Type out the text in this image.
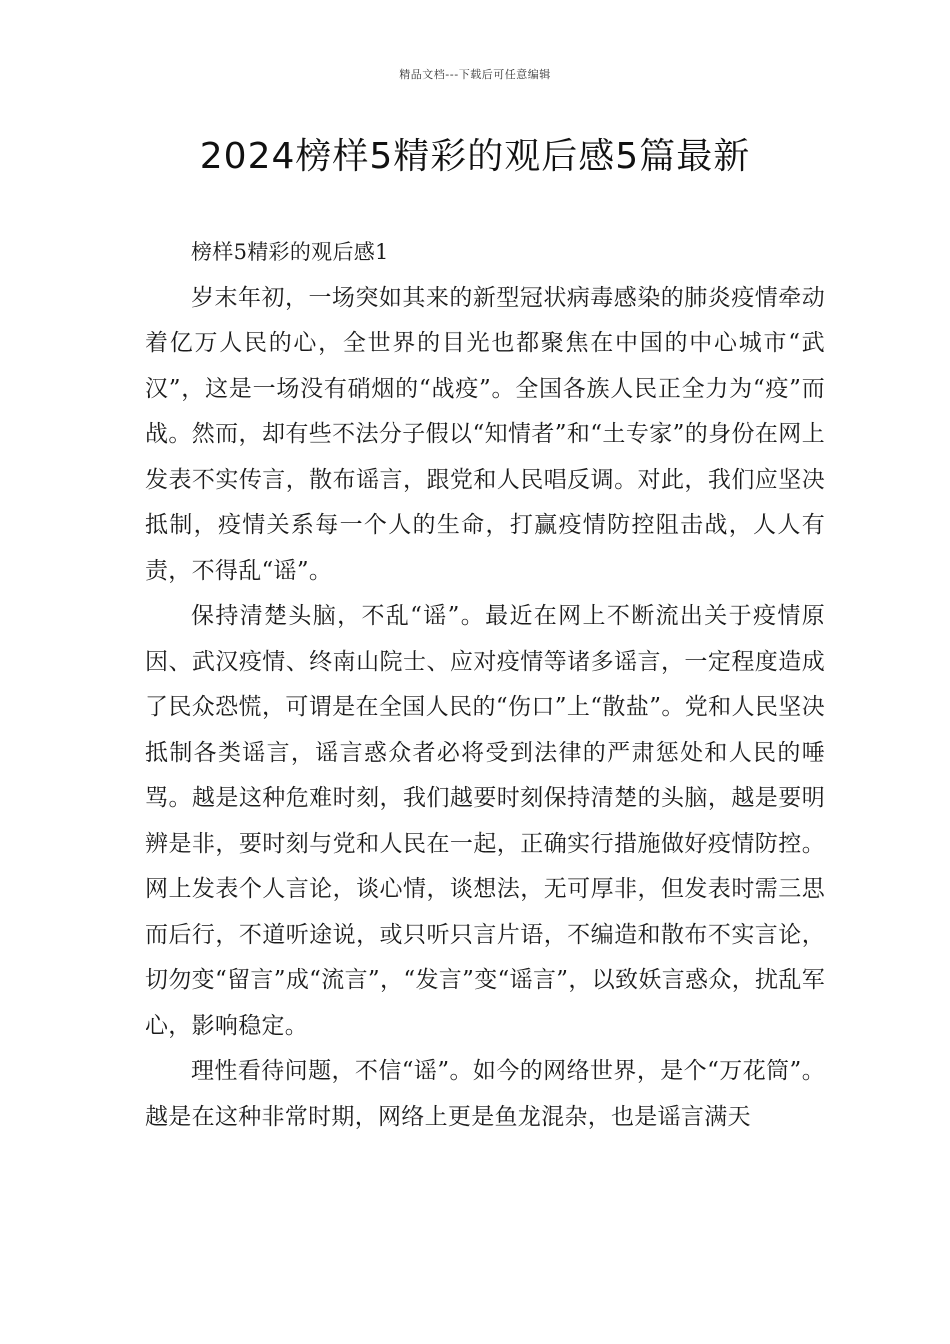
精品文档---下载后可任意编辑
2024榜样5精彩的观后感5篇最新

榜样5精彩的观后感1

岁末年初，一场突如其来的新型冠状病毒感染的肺炎疫情牵动着亿万人民的心，全世界的目光也都聚焦在中国的中心城市“武汉”，这是一场没有硝烟的“战疫”。全国各族人民正全力为“疫”而战。然而，却有些不法分子假以“知情者”和“土专家”的身份在网上发表不实传言，散布谣言，跟党和人民唱反调。对此，我们应坚决抵制，疫情关系每一个人的生命，打赢疫情防控阻击战，人人有责，不得乱“谣”。

保持清楚头脑，不乱“谣”。最近在网上不断流出关于疫情原因、武汉疫情、终南山院士、应对疫情等诸多谣言，一定程度造成了民众恐慌，可谓是在全国人民的“伤口”上“散盐”。党和人民坚决抵制各类谣言，谣言惑众者必将受到法律的严肃惩处和人民的唾骂。越是这种危难时刻，我们越要时刻保持清楚的头脑，越是要明辨是非，要时刻与党和人民在一起，正确实行措施做好疫情防控。网上发表个人言论，谈心情，谈想法，无可厚非，但发表时需三思而后行，不道听途说，或只听只言片语，不编造和散布不实言论，切勿变“留言”成“流言”，“发言”变“谣言”，以致妖言惑众，扰乱军心，影响稳定。

理性看待问题，不信“谣”。如今的网络世界，是个“万花筒”。越是在这种非常时期，网络上更是鱼龙混杂，也是谣言满天
